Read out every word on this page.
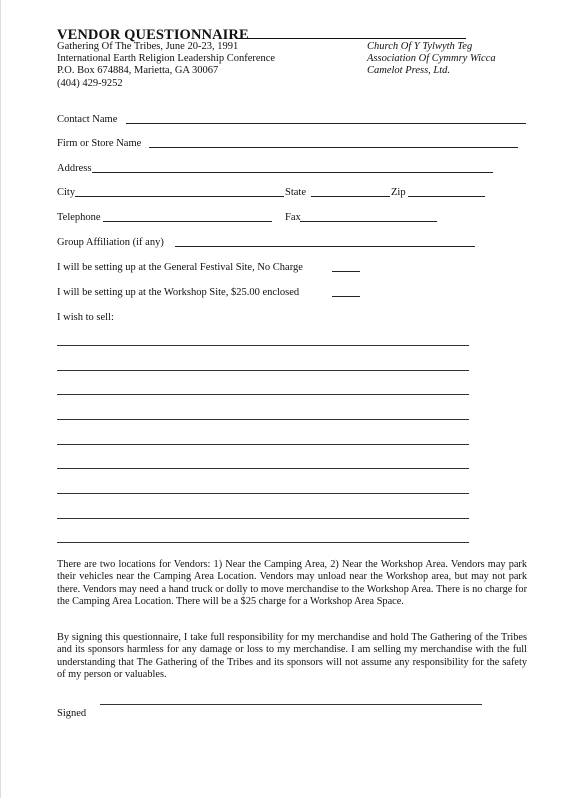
VENDOR QUESTIONNAIRE
Gathering Of The Tribes, June 20-23, 1991
International Earth Religion Leadership Conference
P.O. Box 674884, Marietta, GA 30067
(404) 429-9252
Church Of Y Tylwyth Teg
Association Of Cymmry Wicca
Camelot Press, Ltd.
Contact Name
Firm or Store Name
Address
City	State	Zip
Telephone	Fax
Group Affiliation (if any)
I will be setting up at the General Festival Site, No Charge
I will be setting up at the Workshop Site, $25.00 enclosed
I wish to sell:
There are two locations for Vendors: 1) Near the Camping Area, 2) Near the Workshop Area. Vendors may park their vehicles near the Camping Area Location. Vendors may unload near the Workshop area, but may not park there. Vendors may need a hand truck or dolly to move merchandise to the Workshop Area. There is no charge for the Camping Area Location. There will be a $25 charge for a Workshop Area Space.
By signing this questionnaire, I take full responsibility for my merchandise and hold The Gathering of the Tribes and its sponsors harmless for any damage or loss to my merchandise. I am selling my merchandise with the full understanding that The Gathering of the Tribes and its sponsors will not assume any responsibility for the safety of my person or valuables.
Signed
